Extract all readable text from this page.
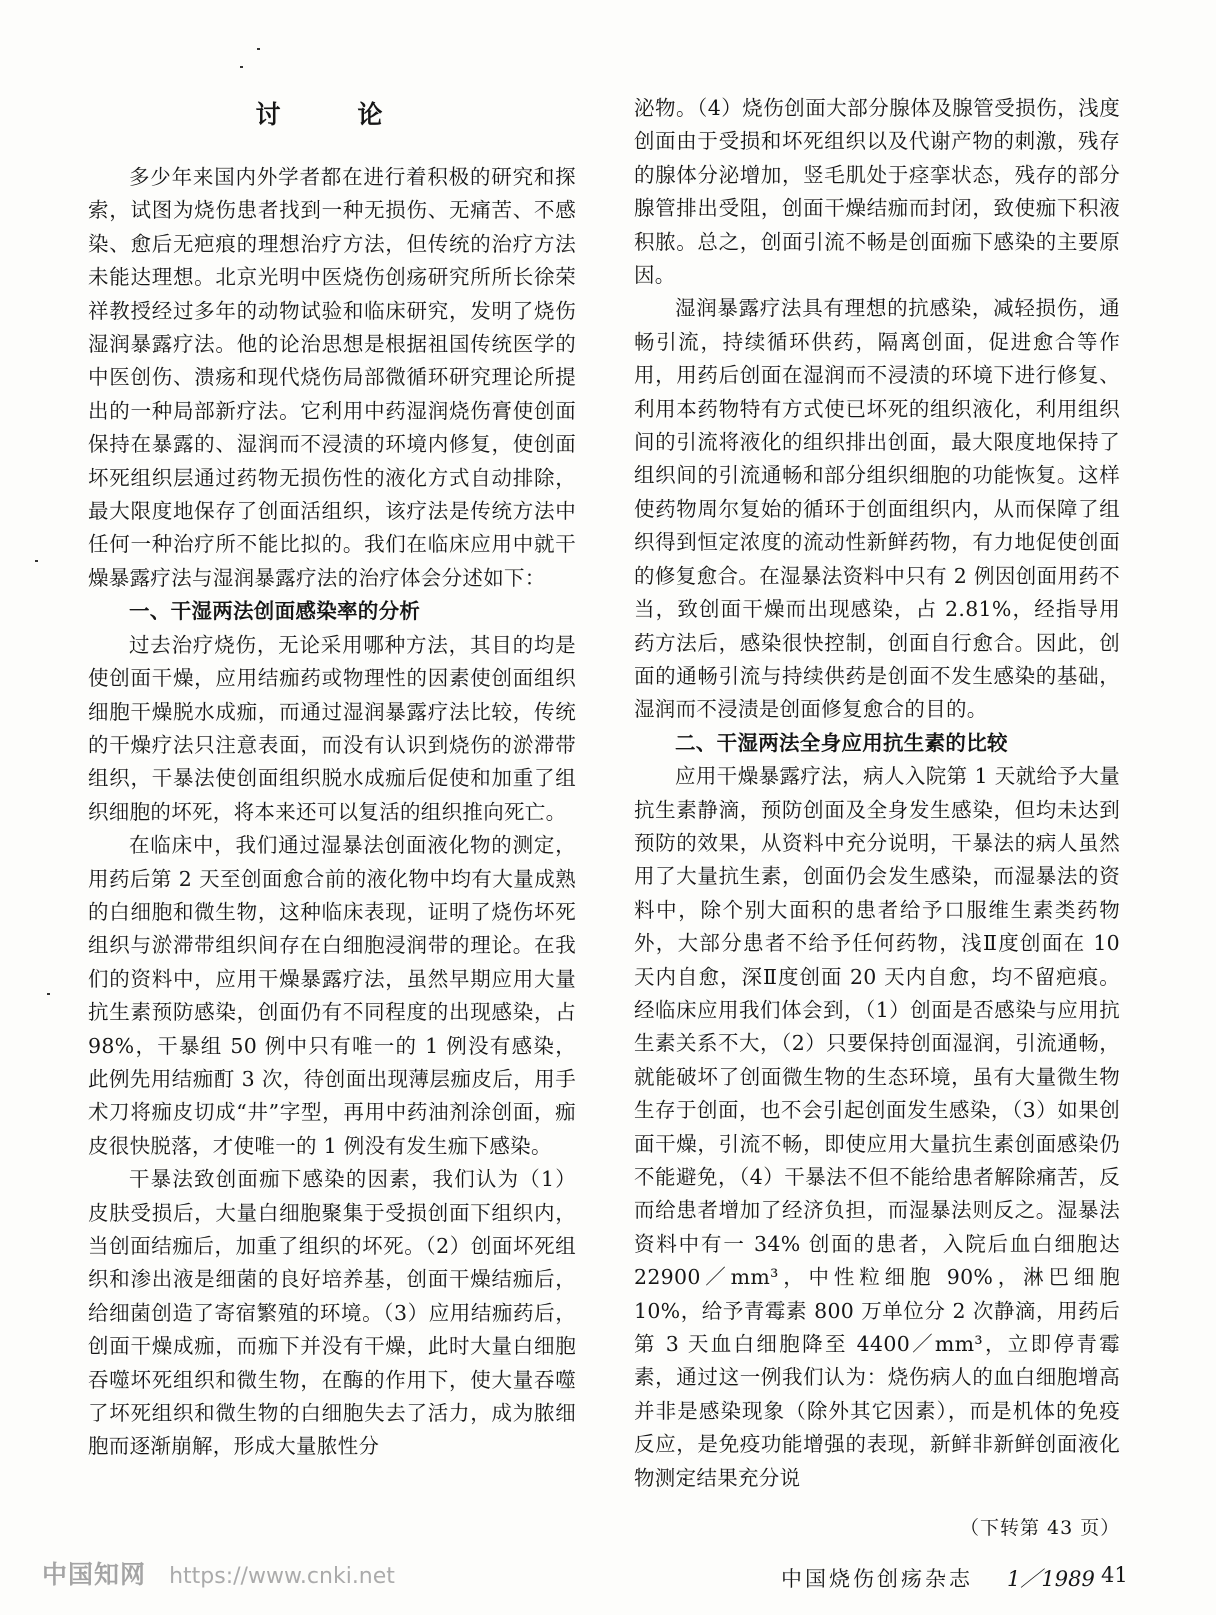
讨　论

多少年来国内外学者都在进行着积极的研究和探索，试图为烧伤患者找到一种无损伤、无痛苦、不感染、愈后无疤痕的理想治疗方法，但传统的治疗方法未能达理想。北京光明中医烧伤创疡研究所所长徐荣祥教授经过多年的动物试验和临床研究，发明了烧伤湿润暴露疗法。他的论治思想是根据祖国传统医学的中医创伤、溃疡和现代烧伤局部微循环研究理论所提出的一种局部新疗法。它利用中药湿润烧伤膏使创面保持在暴露的、湿润而不浸渍的环境内修复，使创面坏死组织层通过药物无损伤性的液化方式自动排除，最大限度地保存了创面活组织，该疗法是传统方法中任何一种治疗所不能比拟的。我们在临床应用中就干燥暴露疗法与湿润暴露疗法的治疗体会分述如下：

一、干湿两法创面感染率的分析

过去治疗烧伤，无论采用哪种方法，其目的均是使创面干燥，应用结痂药或物理性的因素使创面组织细胞干燥脱水成痂，而通过湿润暴露疗法比较，传统的干燥疗法只注意表面，而没有认识到烧伤的淤滞带组织，干暴法使创面组织脱水成痂后促使和加重了组织细胞的坏死，将本来还可以复活的组织推向死亡。

在临床中，我们通过湿暴法创面液化物的测定，用药后第 2 天至创面愈合前的液化物中均有大量成熟的白细胞和微生物，这种临床表现，证明了烧伤坏死组织与淤滞带组织间存在白细胞浸润带的理论。在我们的资料中，应用干燥暴露疗法，虽然早期应用大量抗生素预防感染，创面仍有不同程度的出现感染，占 98%，干暴组 50 例中只有唯一的 1 例没有感染，此例先用结痂酊 3 次，待创面出现薄层痂皮后，用手术刀将痂皮切成“井”字型，再用中药油剂涂创面，痂皮很快脱落，才使唯一的 1 例没有发生痂下感染。

干暴法致创面痂下感染的因素，我们认为（1）皮肤受损后，大量白细胞聚集于受损创面下组织内，当创面结痂后，加重了组织的坏死。（2）创面坏死组织和渗出液是细菌的良好培养基，创面干燥结痂后，给细菌创造了寄宿繁殖的环境。（3）应用结痂药后，创面干燥成痂，而痂下并没有干燥，此时大量白细胞吞噬坏死组织和微生物，在酶的作用下，使大量吞噬了坏死组织和微生物的白细胞失去了活力，成为脓细胞而逐渐崩解，形成大量脓性分

泌物。（4）烧伤创面大部分腺体及腺管受损伤，浅度创面由于受损和坏死组织以及代谢产物的刺激，残存的腺体分泌增加，竖毛肌处于痉挛状态，残存的部分腺管排出受阻，创面干燥结痂而封闭，致使痂下积液积脓。总之，创面引流不畅是创面痂下感染的主要原因。

湿润暴露疗法具有理想的抗感染，减轻损伤，通畅引流，持续循环供药，隔离创面，促进愈合等作用，用药后创面在湿润而不浸渍的环境下进行修复、利用本药物特有方式使已坏死的组织液化，利用组织间的引流将液化的组织排出创面，最大限度地保持了组织间的引流通畅和部分组织细胞的功能恢复。这样使药物周尔复始的循环于创面组织内，从而保障了组织得到恒定浓度的流动性新鲜药物，有力地促使创面的修复愈合。在湿暴法资料中只有 2 例因创面用药不当，致创面干燥而出现感染，占 2.81%，经指导用药方法后，感染很快控制，创面自行愈合。因此，创面的通畅引流与持续供药是创面不发生感染的基础，湿润而不浸渍是创面修复愈合的目的。

二、干湿两法全身应用抗生素的比较

应用干燥暴露疗法，病人入院第 1 天就给予大量抗生素静滴，预防创面及全身发生感染，但均未达到预防的效果，从资料中充分说明，干暴法的病人虽然用了大量抗生素，创面仍会发生感染，而湿暴法的资料中，除个别大面积的患者给予口服维生素类药物外，大部分患者不给予任何药物，浅Ⅱ度创面在 10 天内自愈，深Ⅱ度创面 20 天内自愈，均不留疤痕。经临床应用我们体会到，（1）创面是否感染与应用抗生素关系不大，（2）只要保持创面湿润，引流通畅，就能破坏了创面微生物的生态环境，虽有大量微生物生存于创面，也不会引起创面发生感染，（3）如果创面干燥，引流不畅，即使应用大量抗生素创面感染仍不能避免，（4）干暴法不但不能给患者解除痛苦，反而给患者增加了经济负担，而湿暴法则反之。湿暴法资料中有一 34% 创面的患者，入院后血白细胞达 22900／mm³，中性粒细胞 90%，淋巴细胞 10%，给予青霉素 800 万单位分 2 次静滴，用药后第 3 天血白细胞降至 4400／mm³，立即停青霉素，通过这一例我们认为：烧伤病人的血白细胞增高并非是感染现象（除外其它因素），而是机体的免疫反应，是免疫功能增强的表现，新鲜非新鲜创面液化物测定结果充分说

（下转第 43 页）
中国烧伤创疡杂志 1／1989 41
中国知网 https://www.cnki.net
